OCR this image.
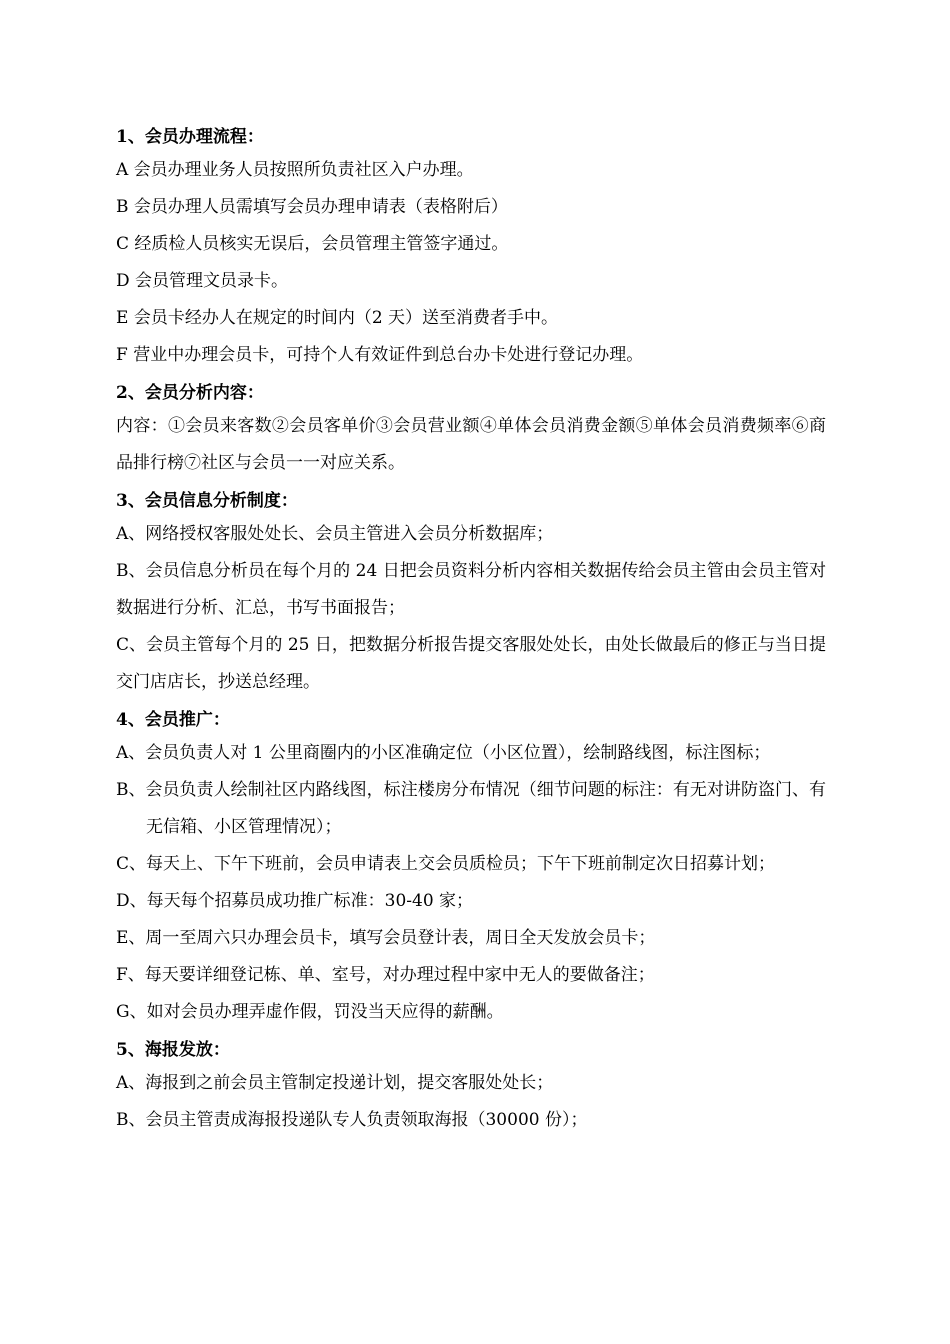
1、会员办理流程：
A 会员办理业务人员按照所负责社区入户办理。
B 会员办理人员需填写会员办理申请表（表格附后）
C 经质检人员核实无误后，会员管理主管签字通过。
D 会员管理文员录卡。
E 会员卡经办人在规定的时间内（2 天）送至消费者手中。
F 营业中办理会员卡，可持个人有效证件到总台办卡处进行登记办理。
2、会员分析内容：
内容：①会员来客数②会员客单价③会员营业额④单体会员消费金额⑤单体会员消费频率⑥商品排行榜⑦社区与会员一一对应关系。
3、会员信息分析制度：
A、网络授权客服处处长、会员主管进入会员分析数据库；
B、会员信息分析员在每个月的 24 日把会员资料分析内容相关数据传给会员主管由会员主管对数据进行分析、汇总，书写书面报告；
C、会员主管每个月的 25 日，把数据分析报告提交客服处处长，由处长做最后的修正与当日提交门店店长，抄送总经理。
4、会员推广：
A、会员负责人对 1 公里商圈内的小区准确定位（小区位置），绘制路线图，标注图标；
B、会员负责人绘制社区内路线图，标注楼房分布情况（细节问题的标注：有无对讲防盗门、有无信箱、小区管理情况）；
C、每天上、下午下班前，会员申请表上交会员质检员；下午下班前制定次日招募计划；
D、每天每个招募员成功推广标准：30-40 家；
E、周一至周六只办理会员卡，填写会员登计表，周日全天发放会员卡；
F、每天要详细登记栋、单、室号，对办理过程中家中无人的要做备注；
G、如对会员办理弄虚作假，罚没当天应得的薪酬。
5、海报发放：
A、海报到之前会员主管制定投递计划，提交客服处处长；
B、会员主管责成海报投递队专人负责领取海报（30000 份）；
